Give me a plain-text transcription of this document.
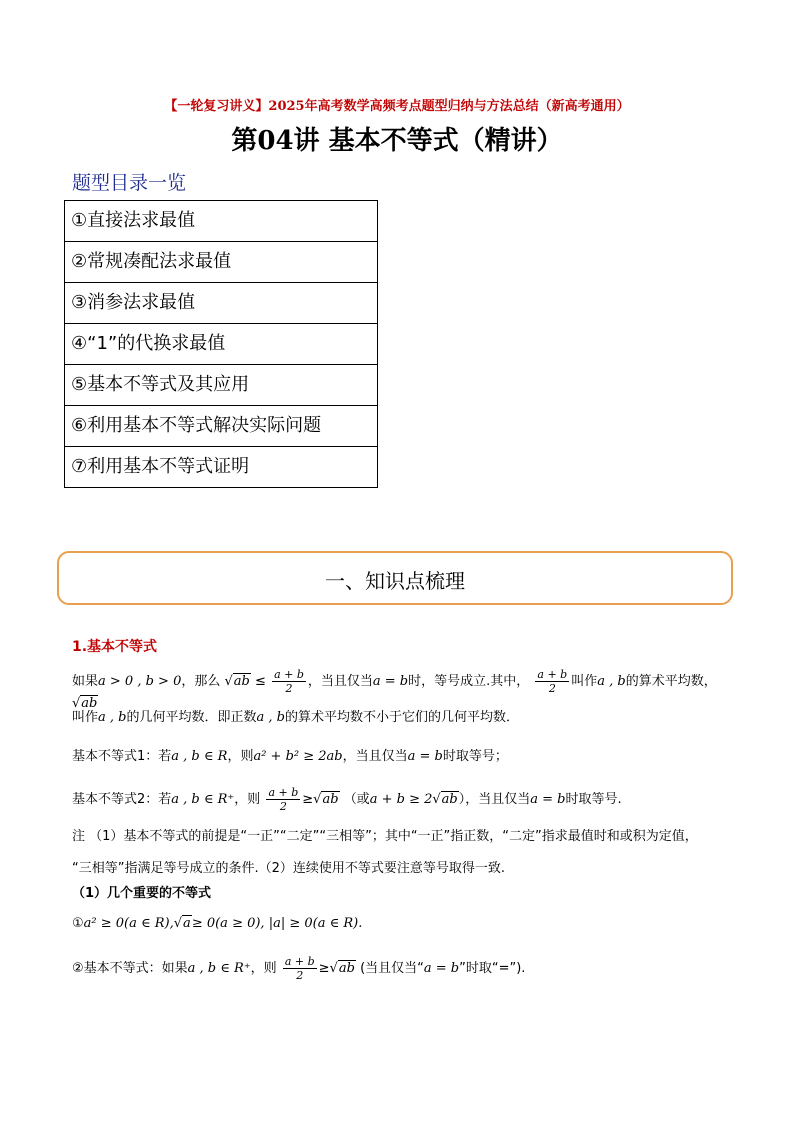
【一轮复习讲义】2025年高考数学高频考点题型归纳与方法总结（新高考通用）
第04讲 基本不等式（精讲）
题型目录一览
①直接法求最值
②常规凑配法求最值
③消参法求最值
④“1”的代换求最值
⑤基本不等式及其应用
⑥利用基本不等式解决实际问题
⑦利用基本不等式证明
一、知识点梳理
1.基本不等式
如果a > 0 , b > 0，那么 $√ab \le \frac{a + b}{2}$ ，当且仅当a = b时，等号成立.其中， $\frac{a + b}{2}$ 叫作a , b的算术平均数， √ab
叫作a , b的几何平均数．即正数a , b的算术平均数不小于它们的几何平均数．
基本不等式1：若a , b ∈ R，则a² + b² ≥ 2ab，当且仅当a = b时取等号；
基本不等式2：若a , b ∈ R⁺，则 $\frac{a + b}{2} \ge√ab$ （或a + b ≥ 2√ab），当且仅当a = b时取等号.
注 （1）基本不等式的前提是“一正”“二定”“三相等”；其中“一正”指正数，“二定”指求最值时和或积为定值，
“三相等”指满足等号成立的条件.（2）连续使用不等式要注意等号取得一致.
（1）几个重要的不等式
①a² ≥ 0(a ∈ R),√a≥ 0(a ≥ 0), |a| ≥ 0(a ∈ R).
②基本不等式：如果a , b ∈ R⁺，则 $\frac{a + b}{2} \ge√ab$ (当且仅当“a = b”时取“=”).
